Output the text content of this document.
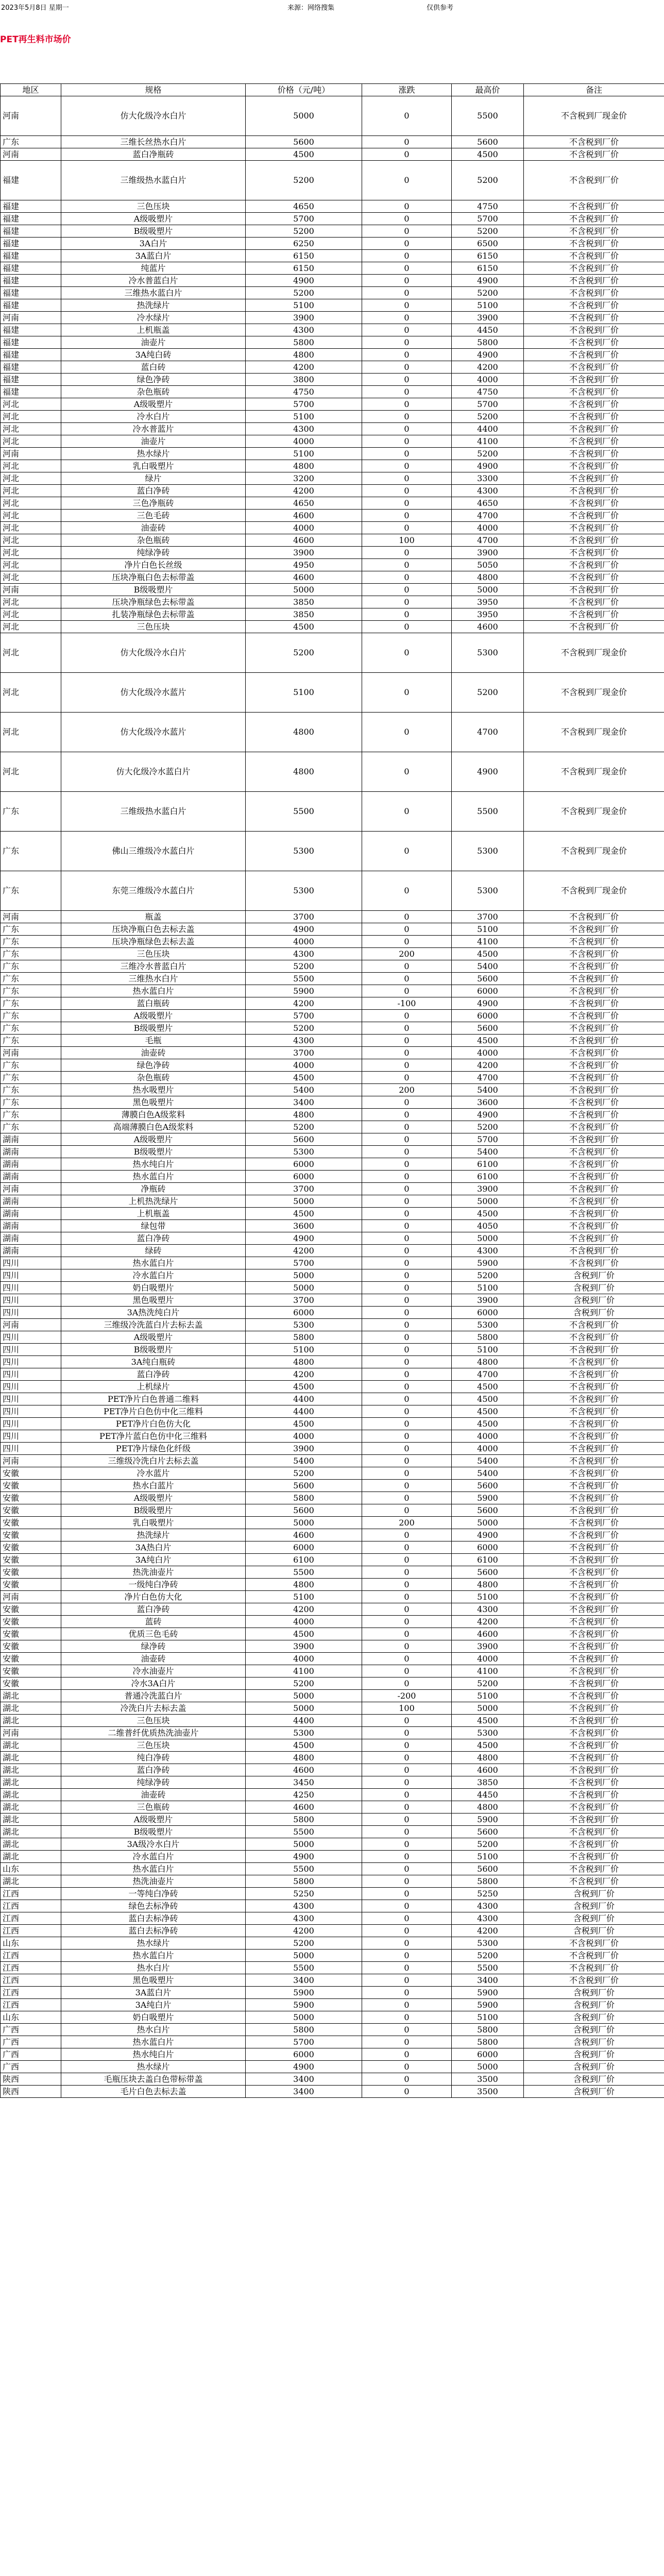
2023年5月8日 星期一	来源：网络搜集	仅供参考
PET再生料市场价
地区	规格	价格（元/吨）	涨跌	最高价	备注
河南	仿大化级冷水白片	5000	0	5500	不含税到厂现金价
广东	三维长丝热水白片	5600	0	5600	不含税到厂价
河南	蓝白净瓶砖	4500	0	4500	不含税到厂价
福建	三维级热水蓝白片	5200	0	5200	不含税到厂价
福建	三色压块	4650	0	4750	不含税到厂价
福建	A级吸塑片	5700	0	5700	不含税到厂价
福建	B级吸塑片	5200	0	5200	不含税到厂价
福建	3A白片	6250	0	6500	不含税到厂价
福建	3A蓝白片	6150	0	6150	不含税到厂价
福建	纯蓝片	6150	0	6150	不含税到厂价
福建	冷水普蓝白片	4900	0	4900	不含税到厂价
福建	三维热水蓝白片	5200	0	5200	不含税到厂价
福建	热洗绿片	5100	0	5100	不含税到厂价
河南	冷水绿片	3900	0	3900	不含税到厂价
福建	上机瓶盖	4300	0	4450	不含税到厂价
福建	油壶片	5800	0	5800	不含税到厂价
福建	3A纯白砖	4800	0	4900	不含税到厂价
福建	蓝白砖	4200	0	4200	不含税到厂价
福建	绿色净砖	3800	0	4000	不含税到厂价
福建	杂色瓶砖	4750	0	4750	不含税到厂价
河北	A级吸塑片	5700	0	5700	不含税到厂价
河北	冷水白片	5100	0	5200	不含税到厂价
河北	冷水普蓝片	4300	0	4400	不含税到厂价
河北	油壶片	4000	0	4100	不含税到厂价
河南	热水绿片	5100	0	5200	不含税到厂价
河北	乳白吸塑片	4800	0	4900	不含税到厂价
河北	绿片	3200	0	3300	不含税到厂价
河北	蓝白净砖	4200	0	4300	不含税到厂价
河北	三色净瓶砖	4650	0	4650	不含税到厂价
河北	三色毛砖	4600	0	4700	不含税到厂价
河北	油壶砖	4000	0	4000	不含税到厂价
河北	杂色瓶砖	4600	100	4700	不含税到厂价
河北	纯绿净砖	3900	0	3900	不含税到厂价
河北	净片白色长丝级	4950	0	5050	不含税到厂价
河北	压块净瓶白色去标带盖	4600	0	4800	不含税到厂价
河南	B级吸塑片	5000	0	5000	不含税到厂价
河北	压块净瓶绿色去标带盖	3850	0	3950	不含税到厂价
河北	扎装净瓶绿色去标带盖	3850	0	3950	不含税到厂价
河北	三色压块	4500	0	4600	不含税到厂价
河北	仿大化级冷水白片	5200	0	5300	不含税到厂现金价
河北	仿大化级冷水蓝片	5100	0	5200	不含税到厂现金价
河北	仿大化级冷水蓝片	4800	0	4700	不含税到厂现金价
河北	仿大化级冷水蓝白片	4800	0	4900	不含税到厂现金价
广东	三维级热水蓝白片	5500	0	5500	不含税到厂现金价
广东	佛山三维级冷水蓝白片	5300	0	5300	不含税到厂现金价
广东	东莞三维级冷水蓝白片	5300	0	5300	不含税到厂现金价
河南	瓶盖	3700	0	3700	不含税到厂价
广东	压块净瓶白色去标去盖	4900	0	5100	不含税到厂价
广东	压块净瓶绿色去标去盖	4000	0	4100	不含税到厂价
广东	三色压块	4300	200	4500	不含税到厂价
广东	三维冷水普蓝白片	5200	0	5400	不含税到厂价
广东	三维热水白片	5500	0	5600	不含税到厂价
广东	热水蓝白片	5900	0	6000	不含税到厂价
广东	蓝白瓶砖	4200	-100	4900	不含税到厂价
广东	A级吸塑片	5700	0	6000	不含税到厂价
广东	B级吸塑片	5200	0	5600	不含税到厂价
广东	毛瓶	4300	0	4500	不含税到厂价
河南	油壶砖	3700	0	4000	不含税到厂价
广东	绿色净砖	4000	0	4200	不含税到厂价
广东	杂色瓶砖	4500	0	4700	不含税到厂价
广东	热水吸塑片	5400	200	5400	不含税到厂价
广东	黑色吸塑片	3400	0	3600	不含税到厂价
广东	薄膜白色A级浆料	4800	0	4900	不含税到厂价
广东	高端薄膜白色A级浆料	5200	0	5200	不含税到厂价
湖南	A级吸塑片	5600	0	5700	不含税到厂价
湖南	B级吸塑片	5300	0	5400	不含税到厂价
湖南	热水纯白片	6000	0	6100	不含税到厂价
湖南	热水蓝白片	6000	0	6100	不含税到厂价
河南	净瓶砖	3700	0	3900	不含税到厂价
湖南	上机热洗绿片	5000	0	5000	不含税到厂价
湖南	上机瓶盖	4500	0	4500	不含税到厂价
湖南	绿包带	3600	0	4050	不含税到厂价
湖南	蓝白净砖	4900	0	5000	不含税到厂价
湖南	绿砖	4200	0	4300	不含税到厂价
四川	热水蓝白片	5700	0	5900	不含税到厂价
四川	冷水蓝白片	5000	0	5200	含税到厂价
四川	奶白吸塑片	5000	0	5100	含税到厂价
四川	黑色吸塑片	3700	0	3900	含税到厂价
四川	3A热洗纯白片	6000	0	6000	含税到厂价
河南	三维级冷洗蓝白片去标去盖	5300	0	5300	不含税到厂价
四川	A级吸塑片	5800	0	5800	不含税到厂价
四川	B级吸塑片	5100	0	5100	不含税到厂价
四川	3A纯白瓶砖	4800	0	4800	不含税到厂价
四川	蓝白净砖	4200	0	4700	不含税到厂价
四川	上机绿片	4500	0	4500	不含税到厂价
四川	PET净片白色普通二维料	4400	0	4500	不含税到厂价
四川	PET净片白色仿中化三维料	4400	0	4500	不含税到厂价
四川	PET净片白色仿大化	4500	0	4500	不含税到厂价
四川	PET净片蓝白色仿中化三维料	4000	0	4000	不含税到厂价
四川	PET净片绿色化纤级	3900	0	4000	不含税到厂价
河南	三维级冷洗白片去标去盖	5400	0	5400	不含税到厂价
安徽	冷水蓝片	5200	0	5400	不含税到厂价
安徽	热水白蓝片	5600	0	5600	不含税到厂价
安徽	A级吸塑片	5800	0	5900	不含税到厂价
安徽	B级吸塑片	5600	0	5600	不含税到厂价
安徽	乳白吸塑片	5000	200	5000	不含税到厂价
安徽	热洗绿片	4600	0	4900	不含税到厂价
安徽	3A热白片	6000	0	6000	不含税到厂价
安徽	3A纯白片	6100	0	6100	不含税到厂价
安徽	热洗油壶片	5500	0	5600	不含税到厂价
安徽	一级纯白净砖	4800	0	4800	不含税到厂价
河南	净片白色仿大化	5100	0	5100	不含税到厂价
安徽	蓝白净砖	4200	0	4300	不含税到厂价
安徽	蓝砖	4000	0	4200	不含税到厂价
安徽	优质三色毛砖	4500	0	4600	不含税到厂价
安徽	绿净砖	3900	0	3900	不含税到厂价
安徽	油壶砖	4000	0	4000	不含税到厂价
安徽	冷水油壶片	4100	0	4100	不含税到厂价
安徽	冷水3A白片	5200	0	5200	不含税到厂价
湖北	普通冷洗蓝白片	5000	-200	5100	不含税到厂价
湖北	冷洗白片去标去盖	5000	100	5000	不含税到厂价
湖北	三色压块	4400	0	4500	不含税到厂价
河南	二维普纤优质热洗油壶片	5300	0	5300	不含税到厂价
湖北	三色压块	4500	0	4500	不含税到厂价
湖北	纯白净砖	4800	0	4800	不含税到厂价
湖北	蓝白净砖	4600	0	4600	不含税到厂价
湖北	纯绿净砖	3450	0	3850	不含税到厂价
湖北	油壶砖	4250	0	4450	不含税到厂价
湖北	三色瓶砖	4600	0	4800	不含税到厂价
湖北	A级吸塑片	5800	0	5900	不含税到厂价
湖北	B级吸塑片	5500	0	5600	不含税到厂价
湖北	3A级冷水白片	5000	0	5200	不含税到厂价
湖北	冷水蓝白片	4900	0	5100	不含税到厂价
山东	热水蓝白片	5500	0	5600	不含税到厂价
湖北	热洗油壶片	5800	0	5800	不含税到厂价
江西	一等纯白净砖	5250	0	5250	含税到厂价
江西	绿色去标净砖	4300	0	4300	含税到厂价
江西	蓝白去标净砖	4300	0	4300	含税到厂价
江西	蓝白去标净砖	4200	0	4200	含税到厂价
山东	热水绿片	5200	0	5300	不含税到厂价
江西	热水蓝白片	5000	0	5200	不含税到厂价
江西	热水白片	5500	0	5500	不含税到厂价
江西	黑色吸塑片	3400	0	3400	不含税到厂价
江西	3A蓝白片	5900	0	5900	含税到厂价
江西	3A纯白片	5900	0	5900	含税到厂价
山东	奶白吸塑片	5000	0	5100	含税到厂价
广西	热水白片	5800	0	5800	含税到厂价
广西	热水蓝白片	5700	0	5800	含税到厂价
广西	热水纯白片	6000	0	6000	含税到厂价
广西	热水绿片	4900	0	5000	含税到厂价
陕西	毛瓶压块去盖白色带标带盖	3400	0	3500	含税到厂价
陕西	毛片白色去标去盖	3400	0	3500	含税到厂价
